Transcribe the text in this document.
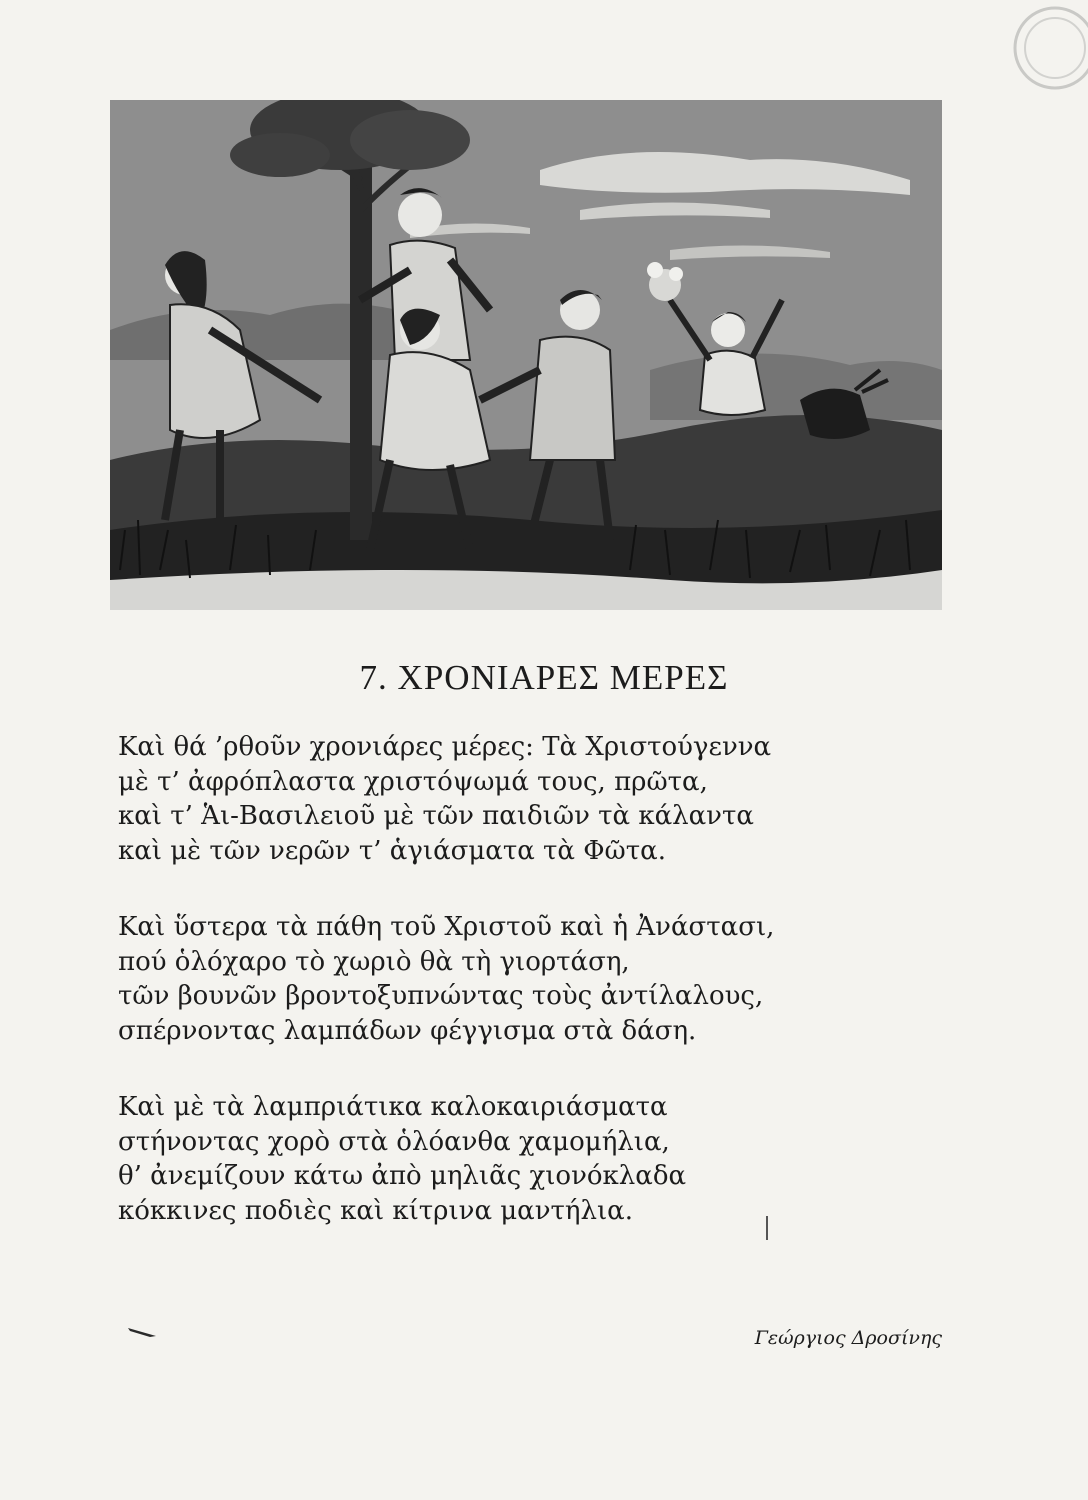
7. ΧΡΟΝΙΑΡΕΣ ΜΕΡΕΣ
Καὶ θά ’ρθοῦν χρονιάρες μέρες: Τὰ Χριστούγεννα
μὲ τ’ ἀφρόπλαστα χριστόψωμά τους, πρῶτα,
καὶ τ’ Ἁι-Βασιλειοῦ μὲ τῶν παιδιῶν τὰ κάλαντα
καὶ μὲ τῶν νερῶν τ’ ἁγιάσματα τὰ Φῶτα.
Καὶ ὕστερα τὰ πάθη τοῦ Χριστοῦ καὶ ἡ Ἀνάστασι,
πού ὁλόχαρο τὸ χωριὸ θὰ τὴ γιορτάση,
τῶν βουνῶν βροντοξυπνώντας τοὺς ἀντίλαλους,
σπέρνοντας λαμπάδων φέγγισμα στὰ δάση.
Καὶ μὲ τὰ λαμπριάτικα καλοκαιριάσματα
στήνοντας χορὸ στὰ ὁλόανθα χαμομήλια,
θ’ ἀνεμίζουν κάτω ἀπὸ μηλιᾶς χιονόκλαδα
κόκκινες ποδιὲς καὶ κίτρινα μαντήλια.
Γεώργιος Δροσίνης
